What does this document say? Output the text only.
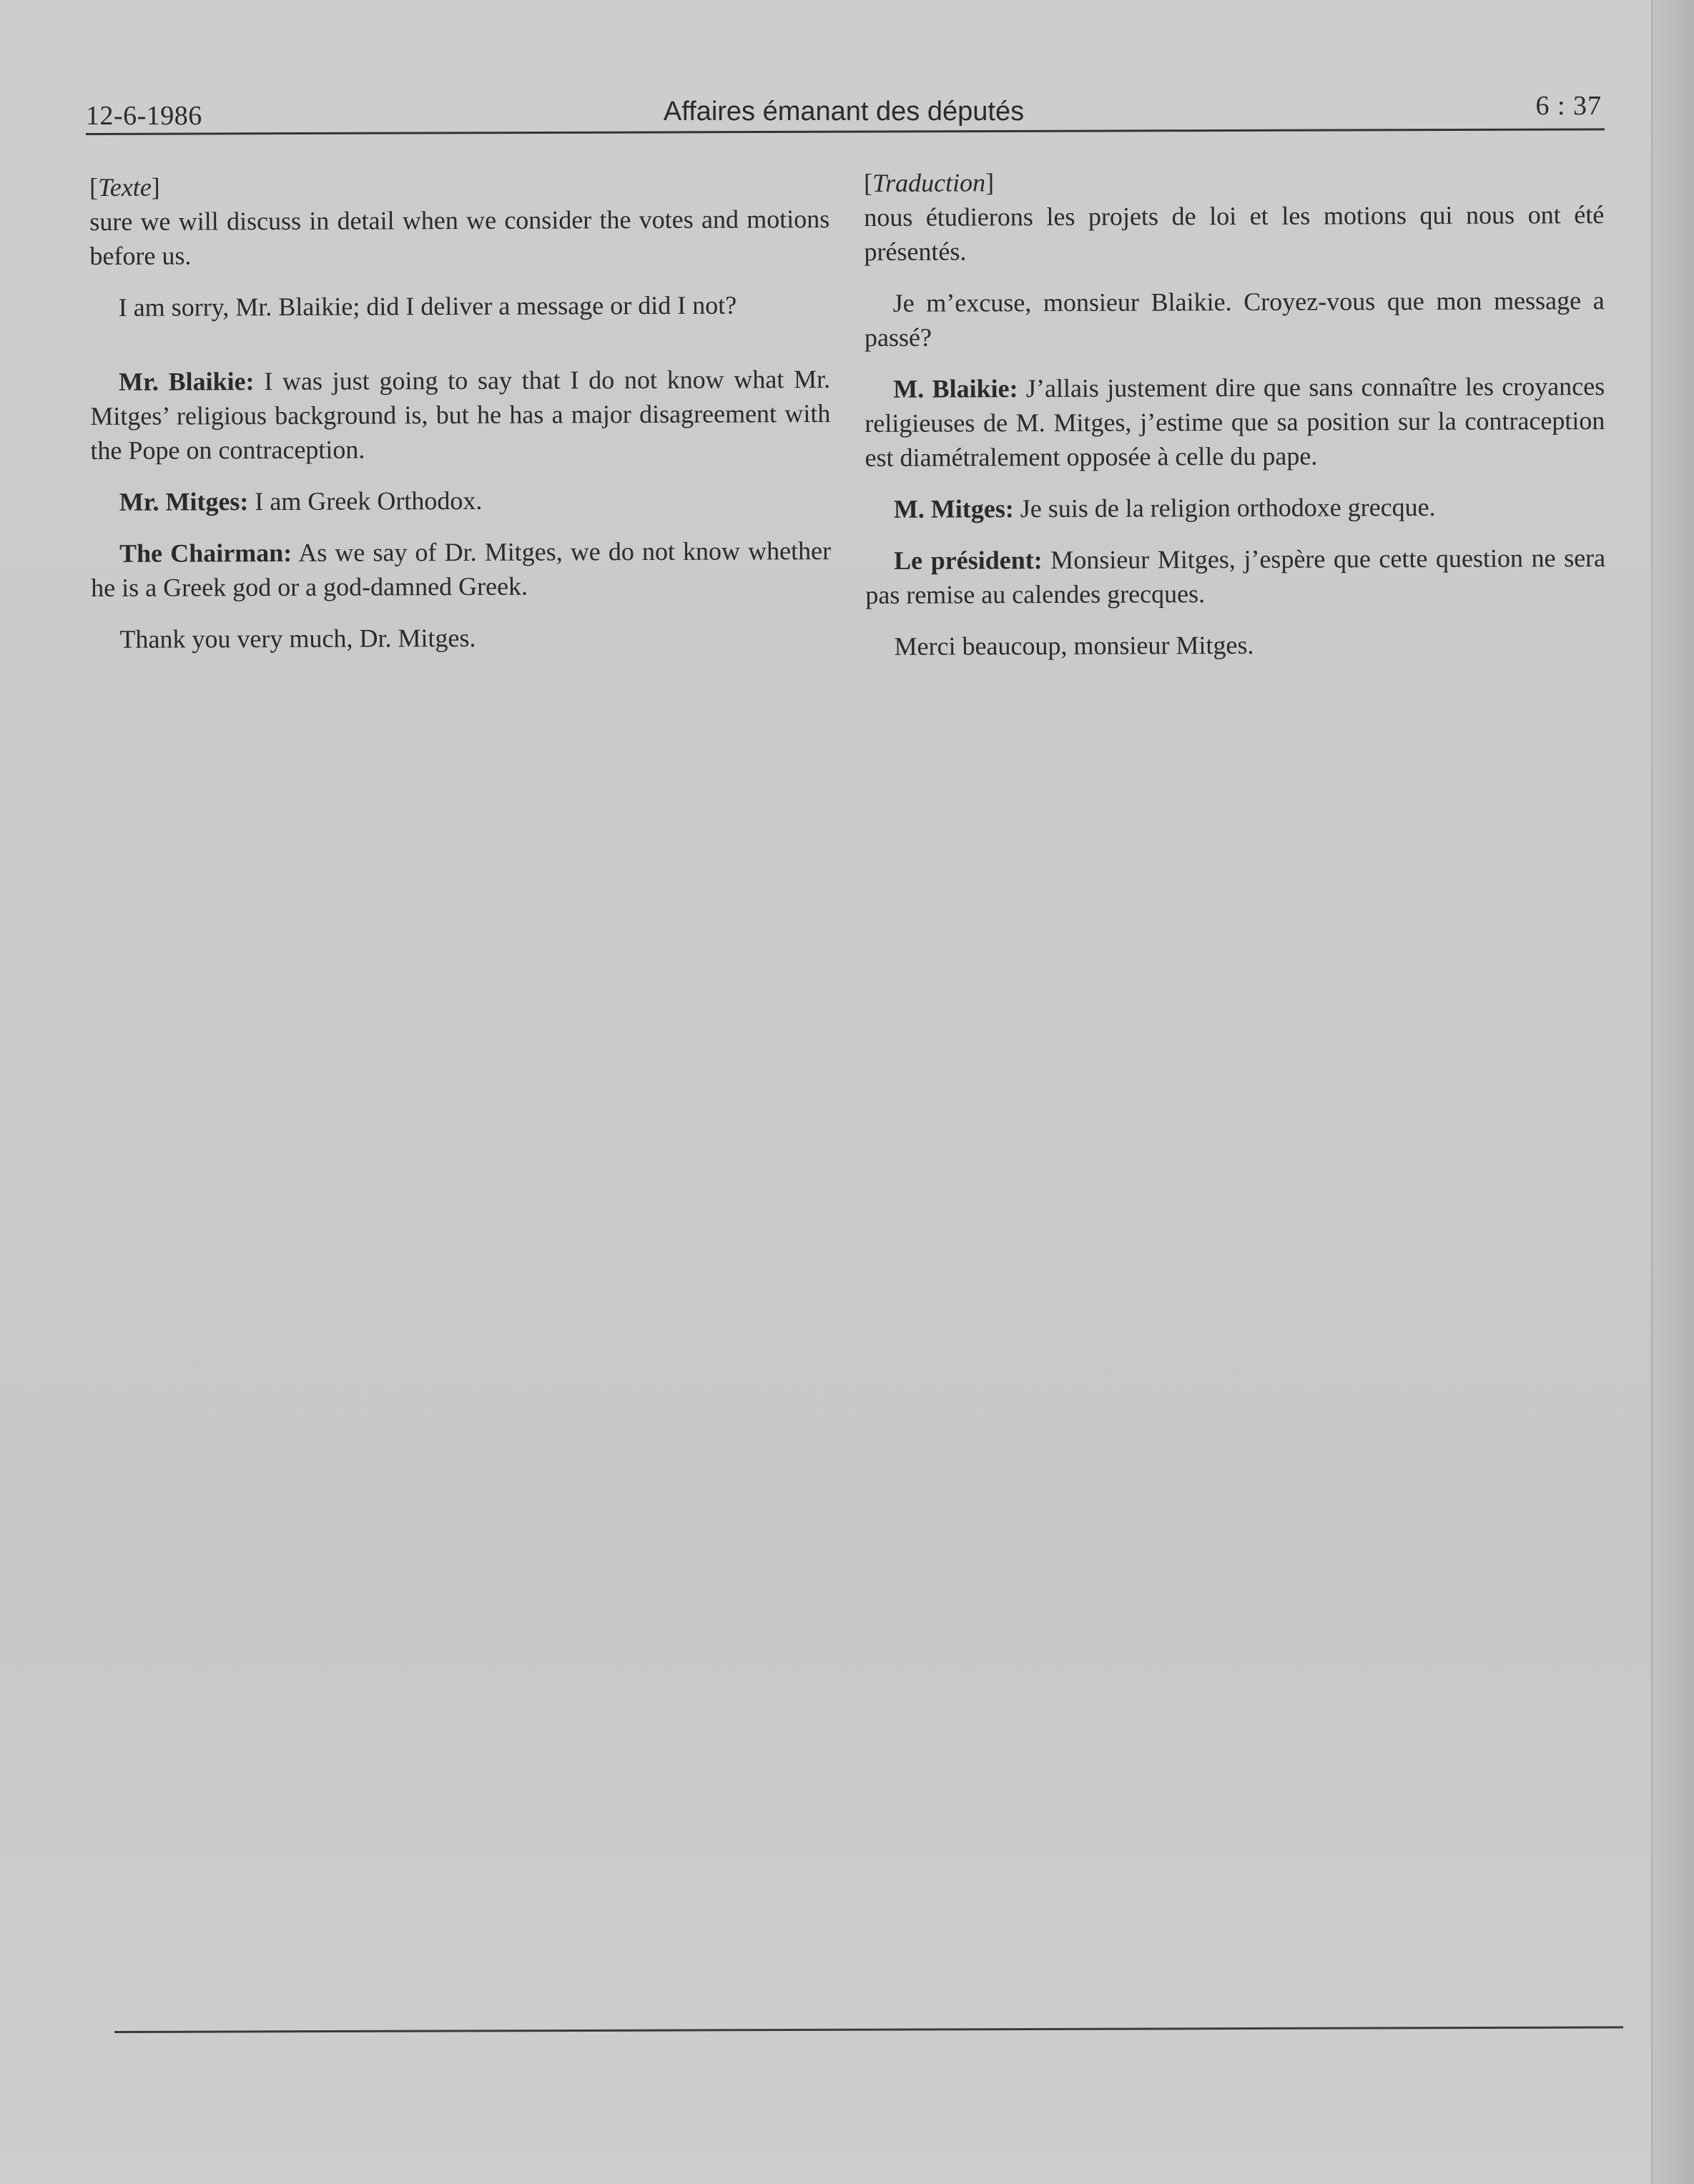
12-6-1986	Affaires émanant des députés	6 : 37
[Texte]

sure we will discuss in detail when we consider the votes and motions before us.

I am sorry, Mr. Blaikie; did I deliver a message or did I not?

Mr. Blaikie: I was just going to say that I do not know what Mr. Mitges’ religious background is, but he has a major disagreement with the Pope on contraception.

Mr. Mitges: I am Greek Orthodox.

The Chairman: As we say of Dr. Mitges, we do not know whether he is a Greek god or a god-damned Greek.

Thank you very much, Dr. Mitges.

[Traduction]

nous étudierons les projets de loi et les motions qui nous ont été présentés.

Je m’excuse, monsieur Blaikie. Croyez-vous que mon message a passé?

M. Blaikie: J’allais justement dire que sans connaître les croyances religieuses de M. Mitges, j’estime que sa position sur la contraception est diamétralement opposée à celle du pape.

M. Mitges: Je suis de la religion orthodoxe grecque.

Le président: Monsieur Mitges, j’espère que cette question ne sera pas remise au calendes grecques.

Merci beaucoup, monsieur Mitges.
